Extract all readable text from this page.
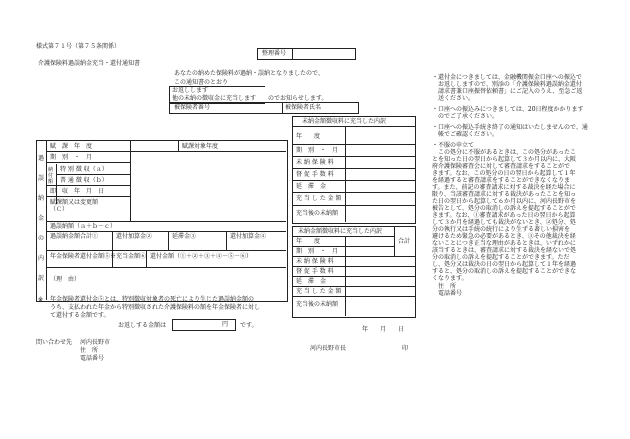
様式第７１号（第７５条関係）
介護保険料過誤納金充当・還付通知書
整理番号
あなたの納めた保険料が過納・誤納となりましたので、
この通知書のとおり
お返しします
他の未納の徴収金に充当します のでお知らせします。
被保険者番号	被保険者氏名
過
誤
納
金
の
内
訳
賦　課　年　度	賦課対象年度
期　別　・　月
納付額
特 別 徴 収（ａ）
普 通 徴 収（ｂ）
即　収　年　月　日
賦課額又は変更額（Ｃ）
過誤納額（ａ＋ｂ－ｃ）
過誤納金額合計①	還付加算金②	延滞金③	還付加算金④
年金保険者還付金額⑤※ 充当金額⑥ 還付金額（①＋②＋③＋④－⑤－⑥）
（理　由）
未納金額徴収料に充当した内訳
年　　度
期　別　・　月
未 納 保 険 料
督 促 手 数 料
延　滞　金
充 当 し た 金 額
充当後の未納額
未納金額徴収料に充当した内訳
合計
年　　度
期　別　・　月
未 納 保 険 料
督 促 手 数 料
延　滞　金
充 当 し た 金 額
充当後の未納額
※ 年金保険者還付金⑤とは、特別徴収対象者の死亡により生じた過誤納金額の
うち、支払われた年金から特別徴収された介護保険料の額を年金保険者に対し
て還付する金額です。
お返しする金額は	円 です。
年　　月　　日
問い合わせ先 河内長野市
住　所
電話番号
河内長野市長	印

・還付金につきましては、金融機関振金口座への振込で

　お返ししますので、別添の「介護保険料過誤納金還付

　請求書兼口座振替依頼書」にご記入のうえ、至急ご返

　送ください。

・口座への振込みにつきましては、20日程度かかります

　のでご了承ください。

・口座への振込手続き終了の通知はいたしませんので、通

　帳でご確認ください。

・不服の申立て

　この処分に不服があるときは、この処分があったこ

とを知った日の翌日から起算して３か月以内に、大阪

府介護保険審査会に対して審査請求をすることがで

きます。なお、この処分の日の翌日から起算して１年

を経過すると審査請求をすることができなくなりま

す。また、前記の審査請求に対する裁決を経た場合に

限り、当該審査請求に対する裁決があったことを知っ

た日の翌日から起算して６か月以内に、河内長野市を

被告として、処分の取消しの訴えを提起することがで

きます。なお、①審査請求があった日の翌日から起算

して３か月を経過しても裁決がないとき、②処分、処

分の執行又は手続の続行により生ずる著しい損害を

避けるため緊急の必要があるとき、③その他裁決を経

ないことにつき正当な理由があるときは、いずれかに

該当するときは、審査請求に対する裁決を経ないで処

分の取消しの訴えを提起することができます。ただ

し、処分又は裁決の日の翌日から起算して１年を経過

すると、処分の取消しの訴えを提起することができな

くなります。

住　所

電話番号
